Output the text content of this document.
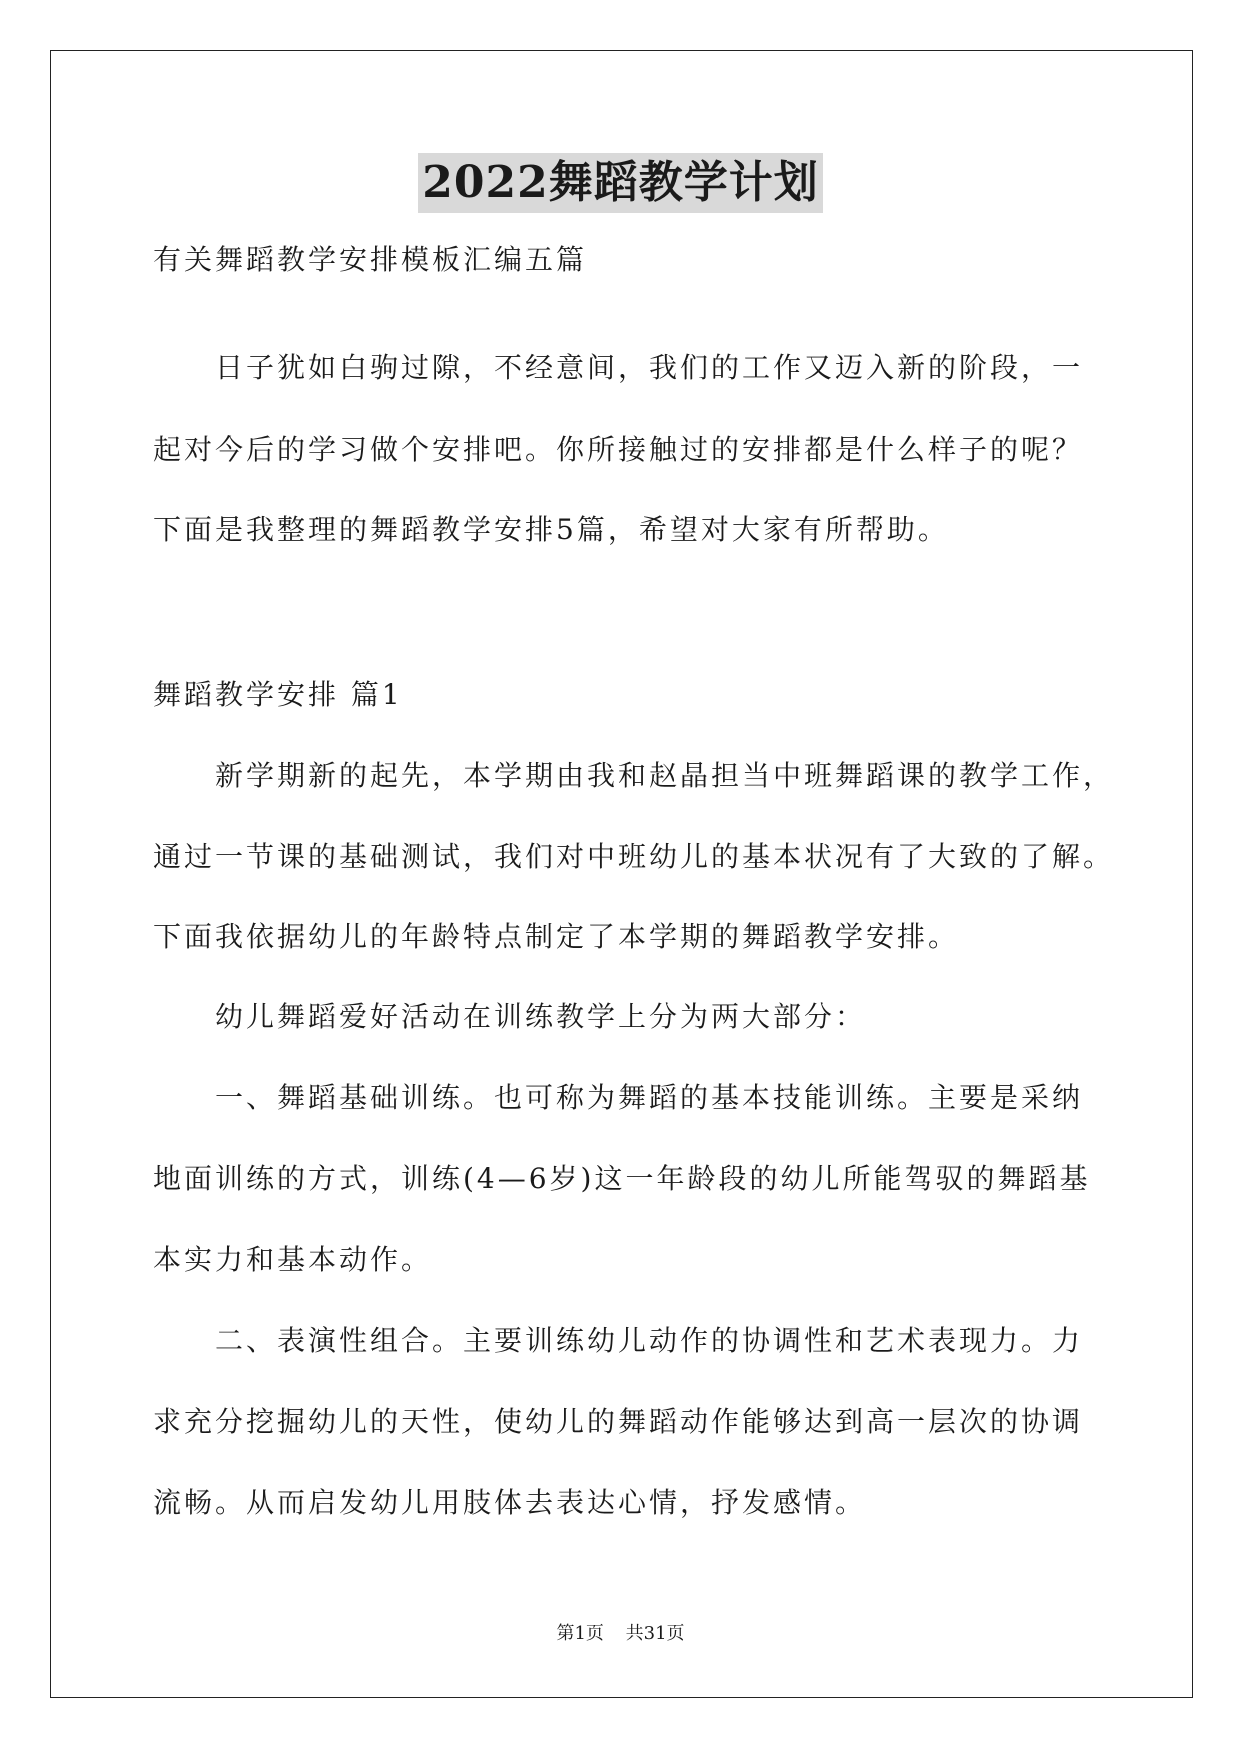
2022舞蹈教学计划
有关舞蹈教学安排模板汇编五篇
日子犹如白驹过隙，不经意间，我们的工作又迈入新的阶段，一
起对今后的学习做个安排吧。你所接触过的安排都是什么样子的呢？
下面是我整理的舞蹈教学安排5篇，希望对大家有所帮助。
舞蹈教学安排 篇1
新学期新的起先，本学期由我和赵晶担当中班舞蹈课的教学工作，
通过一节课的基础测试，我们对中班幼儿的基本状况有了大致的了解。
下面我依据幼儿的年龄特点制定了本学期的舞蹈教学安排。
幼儿舞蹈爱好活动在训练教学上分为两大部分：
一、舞蹈基础训练。也可称为舞蹈的基本技能训练。主要是采纳
地面训练的方式，训练(4—6岁)这一年龄段的幼儿所能驾驭的舞蹈基
本实力和基本动作。
二、表演性组合。主要训练幼儿动作的协调性和艺术表现力。力
求充分挖掘幼儿的天性，使幼儿的舞蹈动作能够达到高一层次的协调
流畅。从而启发幼儿用肢体去表达心情，抒发感情。
第1页 共31页
